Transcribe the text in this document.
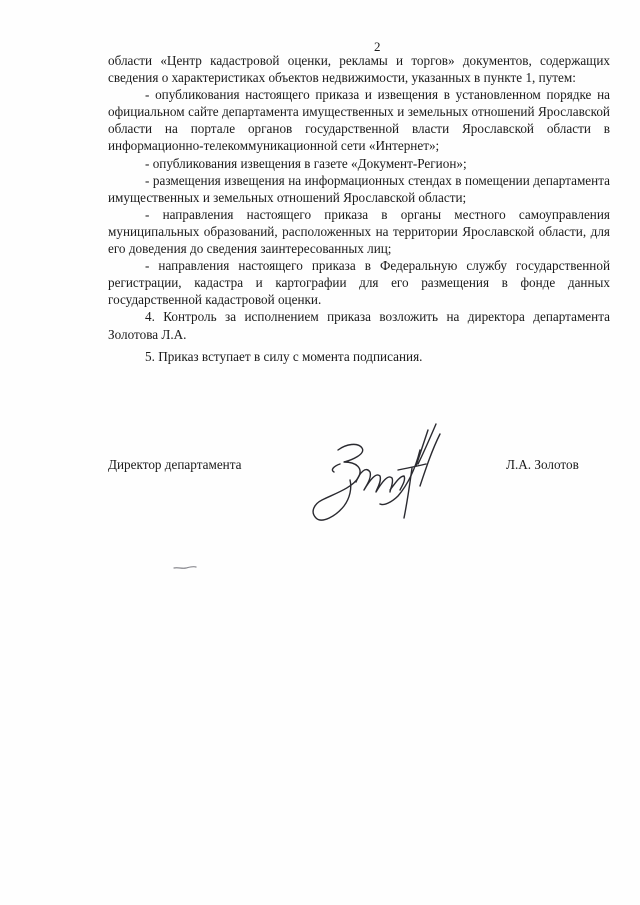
2

области «Центр кадастровой оценки, рекламы и торгов» документов, содержащих сведения о характеристиках объектов недвижимости, указанных в пункте 1, путем:

- опубликования настоящего приказа и извещения в установленном порядке на официальном сайте департамента имущественных и земельных отношений Ярославской области на портале органов государственной власти Ярославской области в информационно-телекоммуникационной сети «Интернет»;

- опубликования извещения в газете «Документ-Регион»;

- размещения извещения на информационных стендах в помещении департамента имущественных и земельных отношений Ярославской области;

- направления настоящего приказа в органы местного самоуправления муниципальных образований, расположенных на территории Ярославской области, для его доведения до сведения заинтересованных лиц;

- направления настоящего приказа в Федеральную службу государственной регистрации, кадастра и картографии для его размещения в фонде данных государственной кадастровой оценки.

4. Контроль за исполнением приказа возложить на директора департамента Золотова Л.А.

5. Приказ вступает в силу с момента подписания.

Директор департамента	Л.А. Золотов
